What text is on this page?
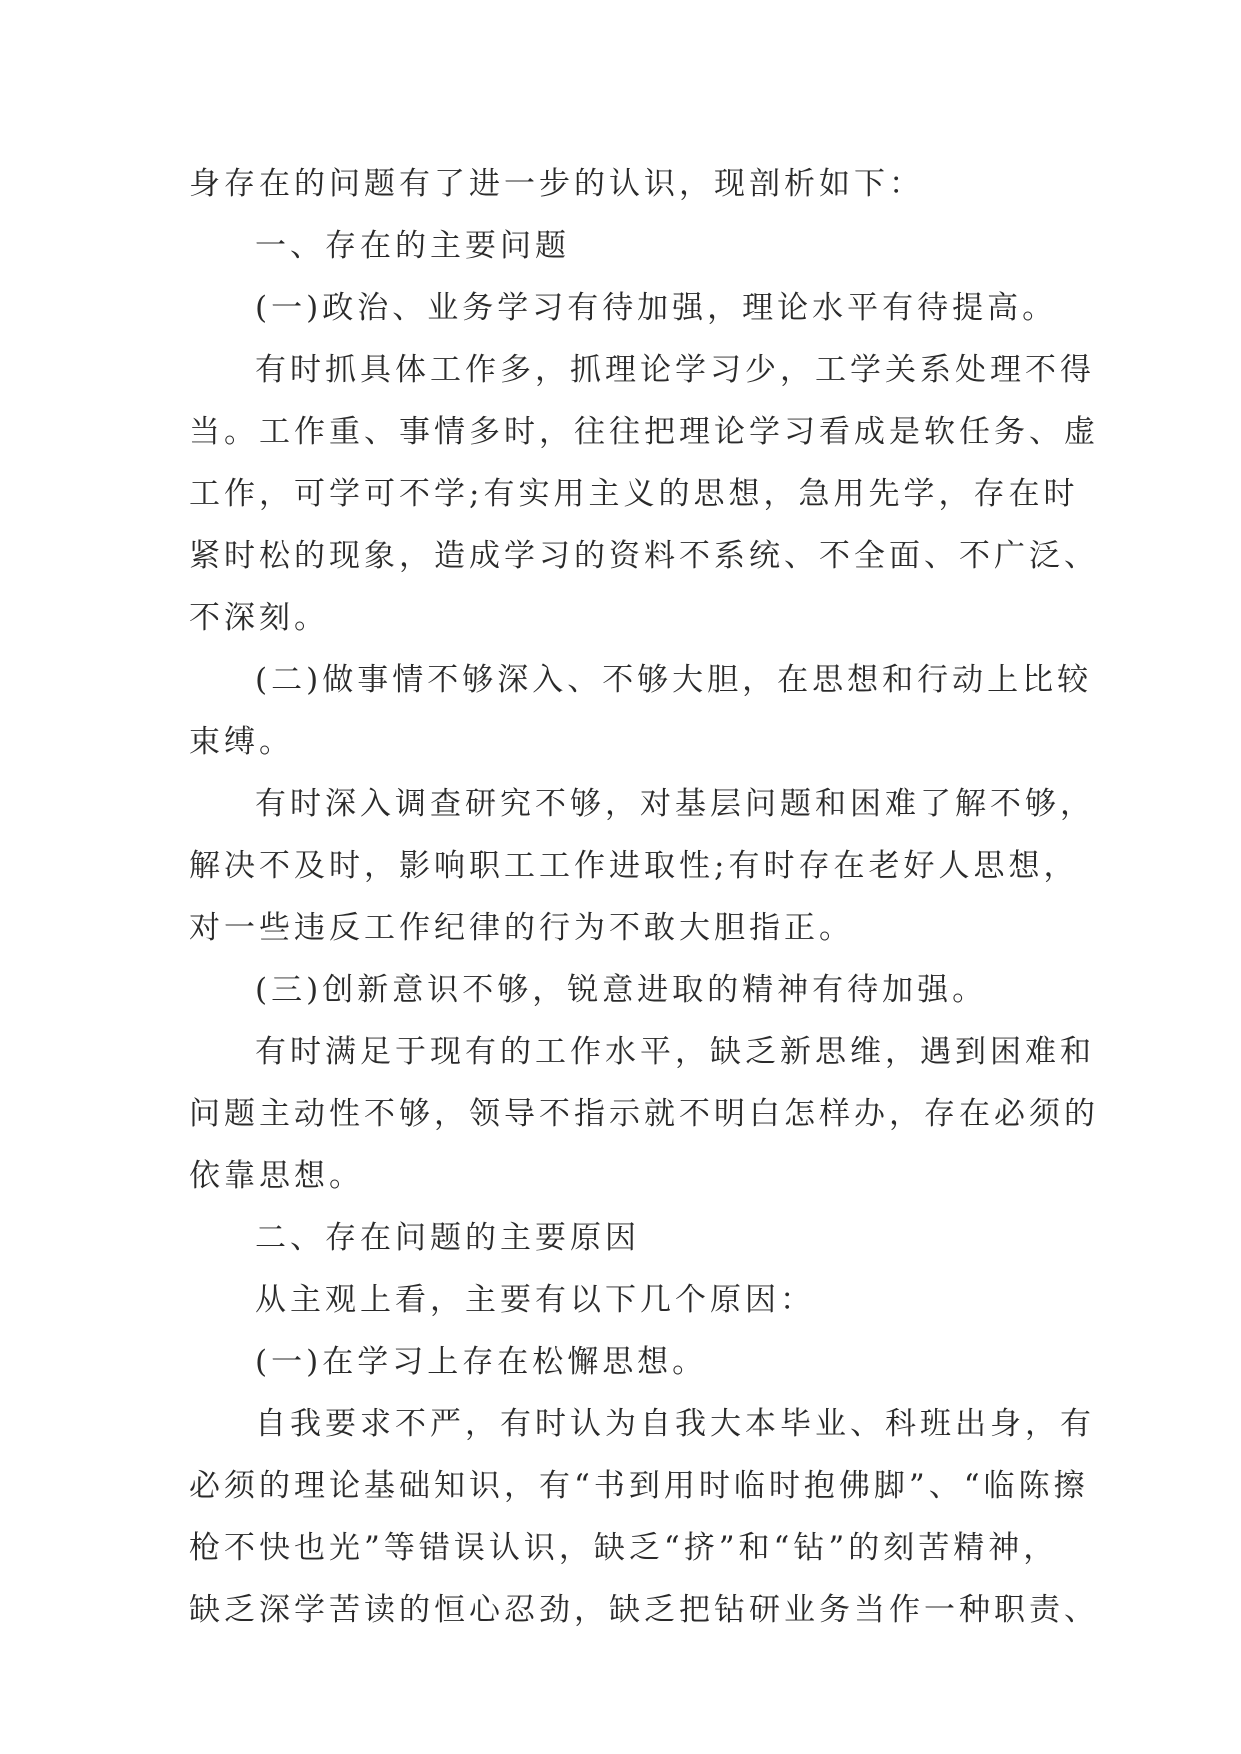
身存在的问题有了进一步的认识，现剖析如下：
一、存在的主要问题
(一)政治、业务学习有待加强，理论水平有待提高。
有时抓具体工作多，抓理论学习少，工学关系处理不得
当。工作重、事情多时，往往把理论学习看成是软任务、虚
工作，可学可不学;有实用主义的思想，急用先学，存在时
紧时松的现象，造成学习的资料不系统、不全面、不广泛、
不深刻。
(二)做事情不够深入、不够大胆，在思想和行动上比较
束缚。
有时深入调查研究不够，对基层问题和困难了解不够，
解决不及时，影响职工工作进取性;有时存在老好人思想，
对一些违反工作纪律的行为不敢大胆指正。
(三)创新意识不够，锐意进取的精神有待加强。
有时满足于现有的工作水平，缺乏新思维，遇到困难和
问题主动性不够，领导不指示就不明白怎样办，存在必须的
依靠思想。
二、存在问题的主要原因
从主观上看，主要有以下几个原因：
(一)在学习上存在松懈思想。
自我要求不严，有时认为自我大本毕业、科班出身，有
必须的理论基础知识，有“书到用时临时抱佛脚”、“临陈擦
枪不快也光”等错误认识，缺乏“挤”和“钻”的刻苦精神，
缺乏深学苦读的恒心忍劲，缺乏把钻研业务当作一种职责、
